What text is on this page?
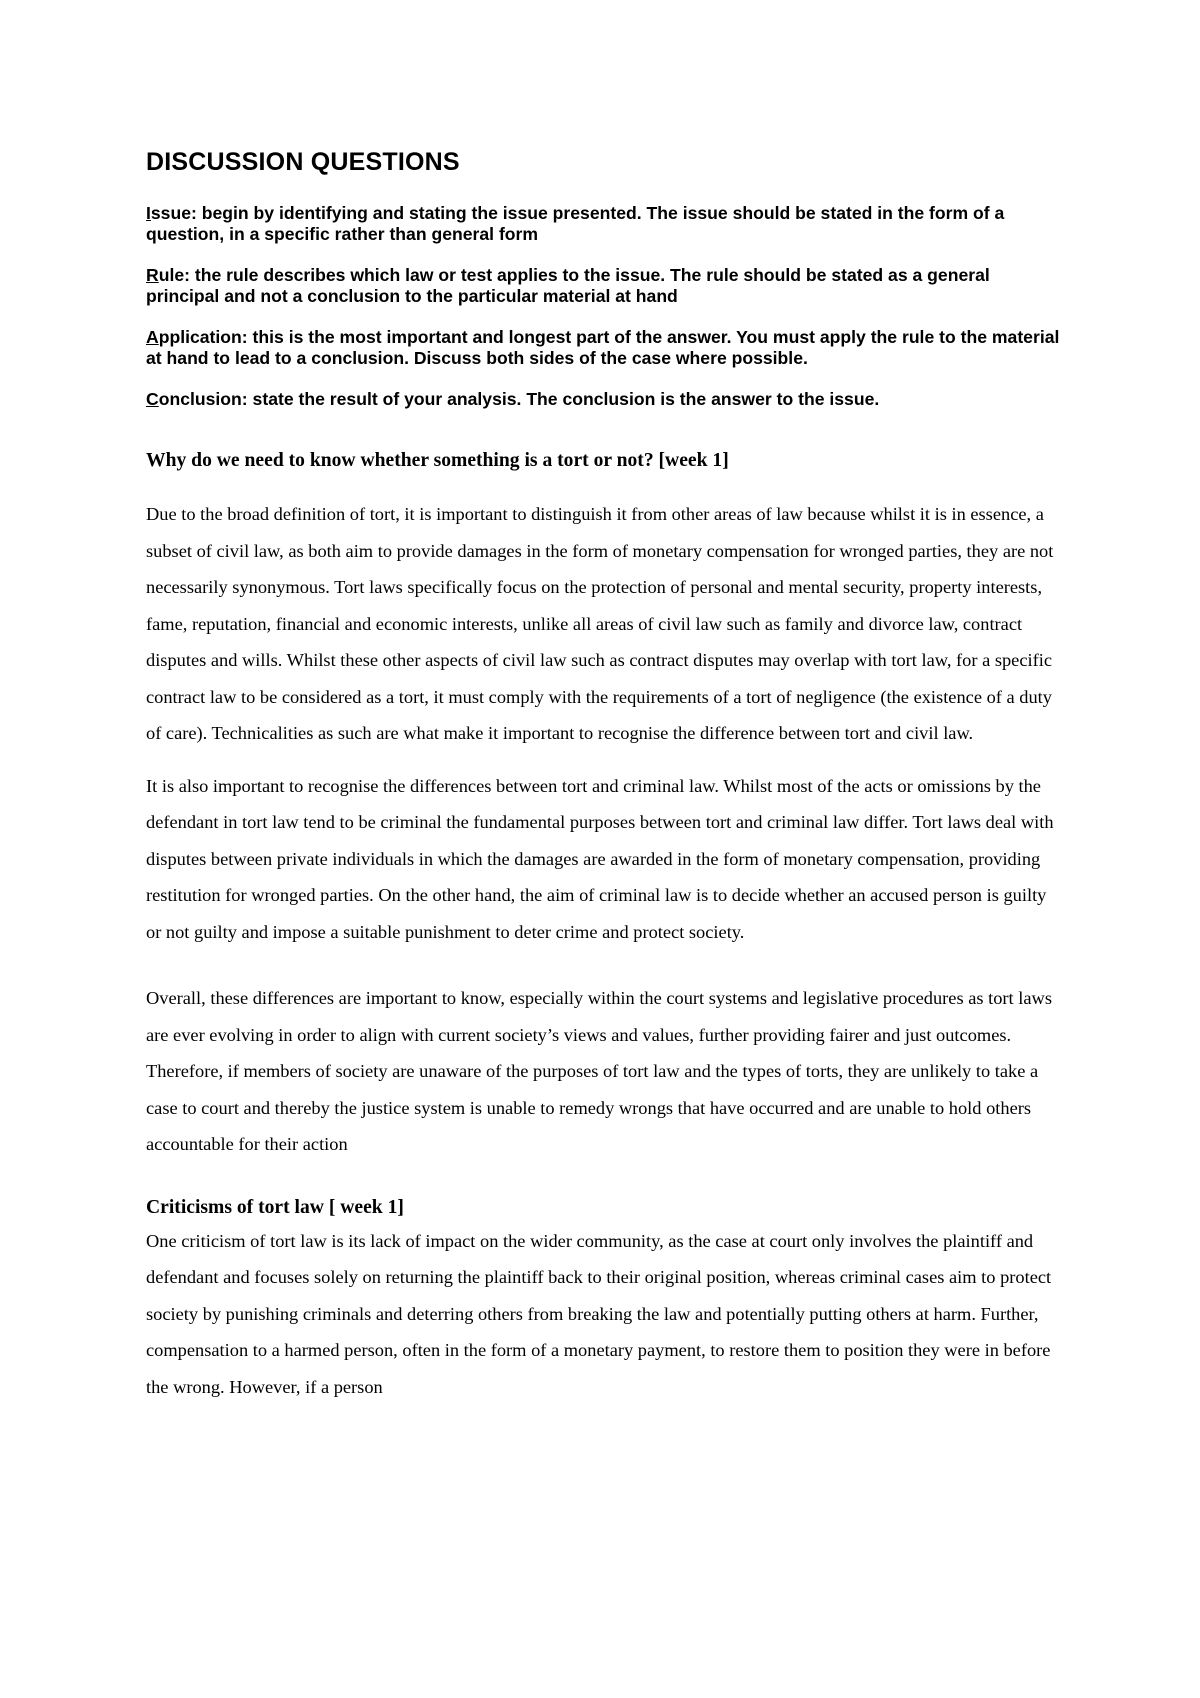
DISCUSSION QUESTIONS

Issue: begin by identifying and stating the issue presented. The issue should be stated in the form of a question, in a specific rather than general form

Rule: the rule describes which law or test applies to the issue. The rule should be stated as a general principal and not a conclusion to the particular material at hand

Application: this is the most important and longest part of the answer. You must apply the rule to the material at hand to lead to a conclusion. Discuss both sides of the case where possible.

Conclusion: state the result of your analysis. The conclusion is the answer to the issue.

Why do we need to know whether something is a tort or not? [week 1]

Due to the broad definition of tort, it is important to distinguish it from other areas of law because whilst it is in essence, a subset of civil law, as both aim to provide damages in the form of monetary compensation for wronged parties, they are not necessarily synonymous. Tort laws specifically focus on the protection of personal and mental security, property interests, fame, reputation, financial and economic interests, unlike all areas of civil law such as family and divorce law, contract disputes and wills. Whilst these other aspects of civil law such as contract disputes may overlap with tort law, for a specific contract law to be considered as a tort, it must comply with the requirements of a tort of negligence (the existence of a duty of care). Technicalities as such are what make it important to recognise the difference between tort and civil law.

It is also important to recognise the differences between tort and criminal law. Whilst most of the acts or omissions by the defendant in tort law tend to be criminal the fundamental purposes between tort and criminal law differ. Tort laws deal with disputes between private individuals in which the damages are awarded in the form of monetary compensation, providing restitution for wronged parties. On the other hand, the aim of criminal law is to decide whether an accused person is guilty or not guilty and impose a suitable punishment to deter crime and protect society.

Overall, these differences are important to know, especially within the court systems and legislative procedures as tort laws are ever evolving in order to align with current society’s views and values, further providing fairer and just outcomes. Therefore, if members of society are unaware of the purposes of tort law and the types of torts, they are unlikely to take a case to court and thereby the justice system is unable to remedy wrongs that have occurred and are unable to hold others accountable for their action

Criticisms of tort law [ week 1]

One criticism of tort law is its lack of impact on the wider community, as the case at court only involves the plaintiff and defendant and focuses solely on returning the plaintiff back to their original position, whereas criminal cases aim to protect society by punishing criminals and deterring others from breaking the law and potentially putting others at harm. Further, compensation to a harmed person, often in the form of a monetary payment, to restore them to position they were in before the wrong. However, if a person
